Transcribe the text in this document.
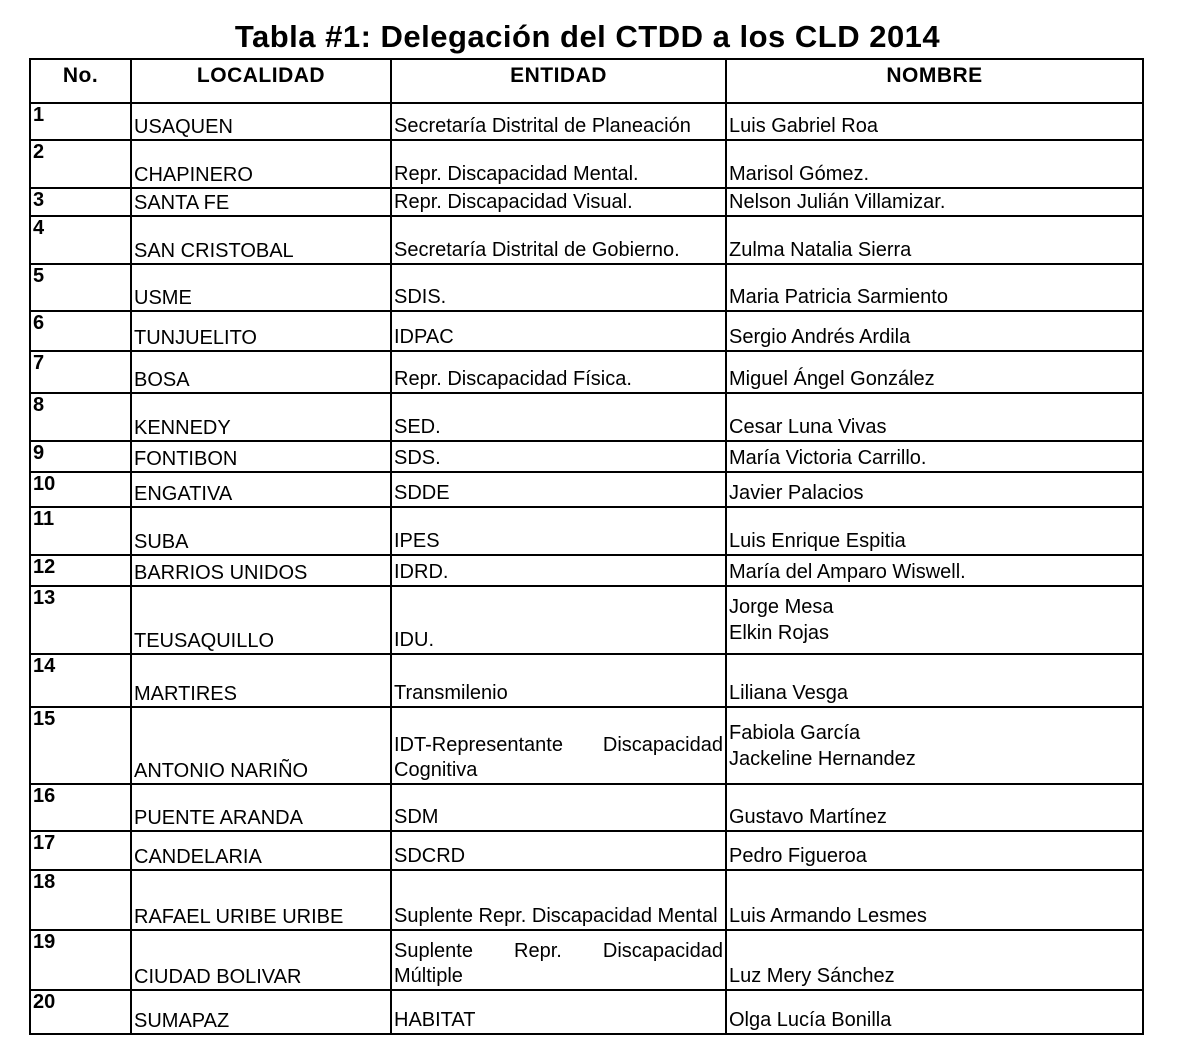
Tabla #1: Delegación del CTDD a los CLD 2014
No.	LOCALIDAD	ENTIDAD	NOMBRE
1	USAQUEN	Secretaría Distrital de Planeación	Luis Gabriel Roa

2	CHAPINERO	Repr. Discapacidad Mental.	Marisol Gómez.

3	SANTA FE	Repr. Discapacidad Visual.	Nelson Julián Villamizar.

4	SAN CRISTOBAL	Secretaría Distrital de Gobierno.	Zulma Natalia Sierra

5	USME	SDIS.	Maria Patricia Sarmiento

6	TUNJUELITO	IDPAC	Sergio Andrés Ardila

7	BOSA	Repr. Discapacidad Física.	Miguel Ángel González

8	KENNEDY	SED.	Cesar Luna Vivas

9	FONTIBON	SDS.	María Victoria Carrillo.

10	ENGATIVA	SDDE	Javier Palacios

11	SUBA	IPES	Luis Enrique Espitia

12	BARRIOS UNIDOS	IDRD.	María del Amparo Wiswell.

13	TEUSAQUILLO	IDU.	Jorge Mesa
Elkin Rojas

14	MARTIRES	Transmilenio	Liliana Vesga

15	ANTONIO NARIÑO	IDT-Representante Discapacidad Cognitiva	Fabiola García
Jackeline Hernandez

16	PUENTE ARANDA	SDM	Gustavo Martínez

17	CANDELARIA	SDCRD	Pedro Figueroa

18	RAFAEL URIBE URIBE	Suplente Repr. Discapacidad Mental	Luis Armando Lesmes

19	CIUDAD BOLIVAR	Suplente Repr. Discapacidad Múltiple	Luz Mery Sánchez

20	SUMAPAZ	HABITAT	Olga Lucía Bonilla
